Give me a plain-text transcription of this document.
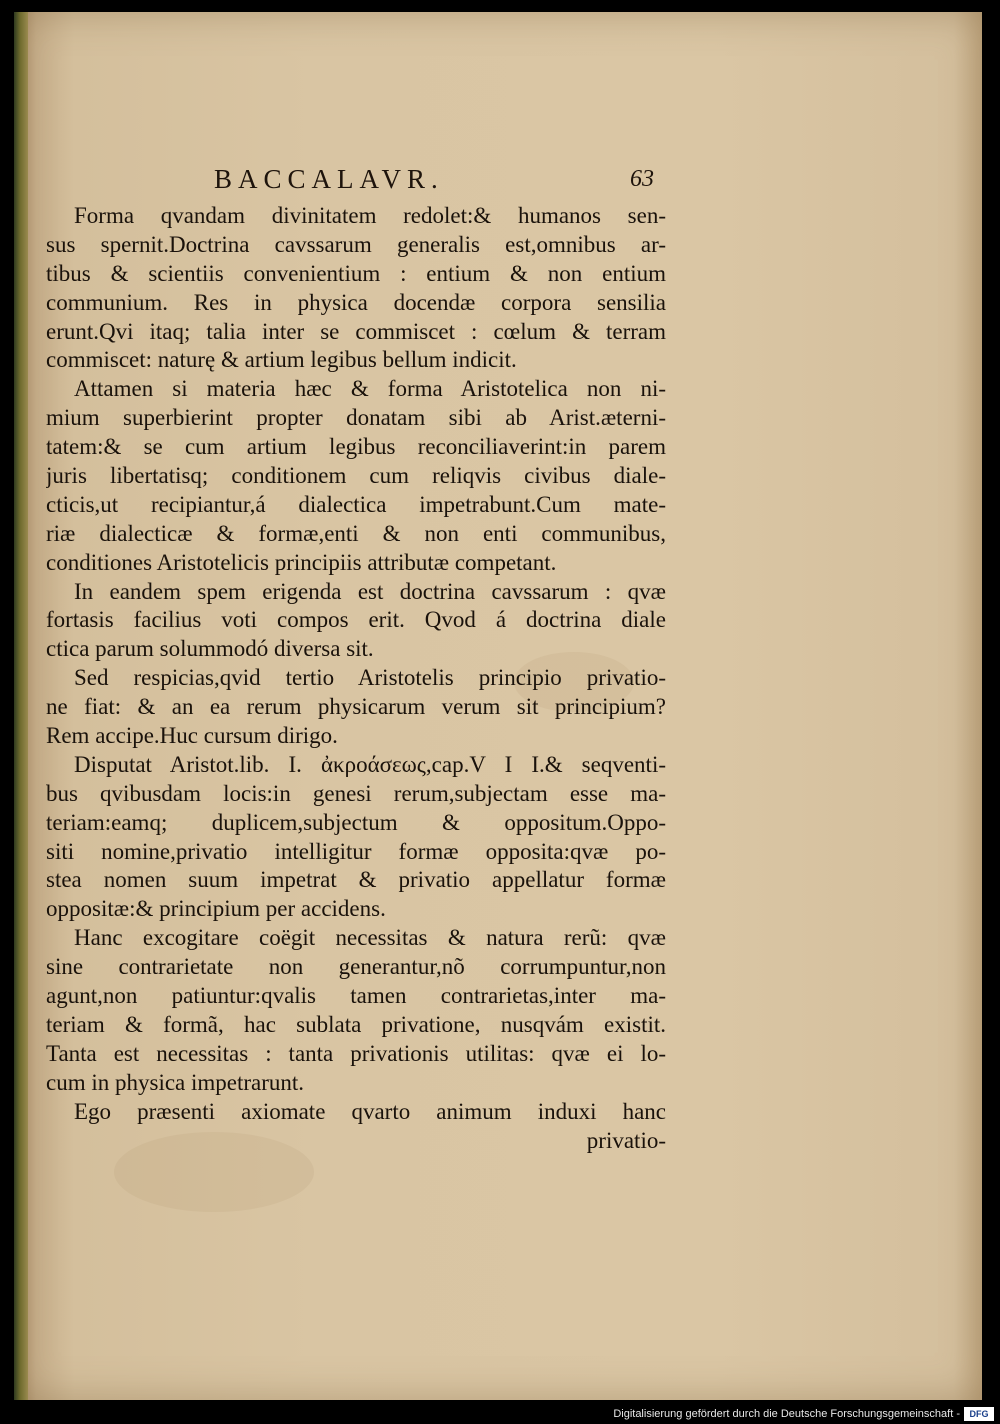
BACCALAVR.	63
Forma qvandam divinitatem redolet:& humanos sen-
sus spernit.Doctrina cavssarum generalis est,omnibus ar-
tibus & scientiis convenientium : entium & non entium
communium. Res in physica docendæ corpora sensilia
erunt.Qvi itaq; talia inter se commiscet : cœlum & terram
commiscet: naturę & artium legibus bellum indicit.
Attamen si materia hæc & forma Aristotelica non ni-
mium superbierint propter donatam sibi ab Arist.æterni-
tatem:& se cum artium legibus reconciliaverint:in parem
juris libertatisq; conditionem cum reliqvis civibus diale-
cticis,ut recipiantur,á dialectica impetrabunt.Cum mate-
riæ dialecticæ & formæ,enti & non enti communibus,
conditiones Aristotelicis principiis attributæ competant.
In eandem spem erigenda est doctrina cavssarum : qvæ
fortasis facilius voti compos erit. Qvod á doctrina diale
ctica parum solummodó diversa sit.
Sed respicias,qvid tertio Aristotelis principio privatio-
ne fiat: & an ea rerum physicarum verum sit principium?
Rem accipe.Huc cursum dirigo.
Disputat Aristot.lib. I. ἀκροάσεως,cap.V I I.& seqventi-
bus qvibusdam locis:in genesi rerum,subjectam esse ma-
teriam:eamq; duplicem,subjectum & oppositum.Oppo-
siti nomine,privatio intelligitur formæ opposita:qvæ po-
stea nomen suum impetrat & privatio appellatur formæ
oppositæ:& principium per accidens.
Hanc excogitare coëgit necessitas & natura rerũ: qvæ
sine contrarietate non generantur,nõ corrumpuntur,non
agunt,non patiuntur:qvalis tamen contrarietas,inter ma-
teriam & formã, hac sublata privatione, nusqvám existit.
Tanta est necessitas : tanta privationis utilitas: qvæ ei lo-
cum in physica impetrarunt.
Ego præsenti axiomate qvarto animum induxi hanc
privatio-
Digitalisierung gefördert durch die Deutsche Forschungsgemeinschaft -	DFG
